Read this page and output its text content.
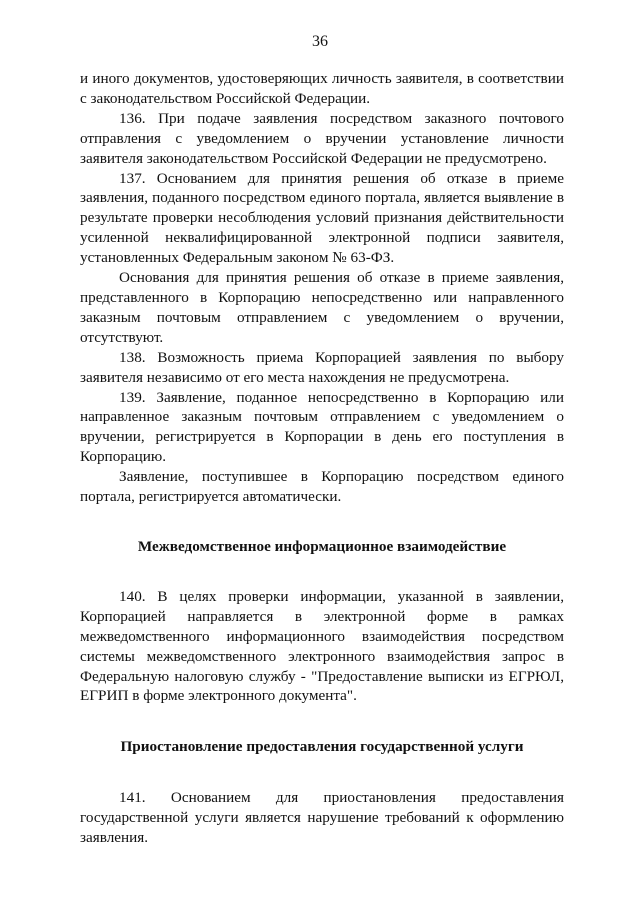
36

и иного документов, удостоверяющих личность заявителя, в соответствии с законодательством Российской Федерации.

136. При подаче заявления посредством заказного почтового отправления с уведомлением о вручении установление личности заявителя законодательством Российской Федерации не предусмотрено.

137. Основанием для принятия решения об отказе в приеме заявления, поданного посредством единого портала, является выявление в результате проверки несоблюдения условий признания действительности усиленной неквалифицированной электронной подписи заявителя, установленных Федеральным законом № 63-ФЗ.

Основания для принятия решения об отказе в приеме заявления, представленного в Корпорацию непосредственно или направленного заказным почтовым отправлением с уведомлением о вручении, отсутствуют.

138. Возможность приема Корпорацией заявления по выбору заявителя независимо от его места нахождения не предусмотрена.

139. Заявление, поданное непосредственно в Корпорацию или направленное заказным почтовым отправлением с уведомлением о вручении, регистрируется в Корпорации в день его поступления в Корпорацию.

Заявление, поступившее в Корпорацию посредством единого портала, регистрируется автоматически.

Межведомственное информационное взаимодействие

140. В целях проверки информации, указанной в заявлении, Корпорацией направляется в электронной форме в рамках межведомственного информационного взаимодействия посредством системы межведомственного электронного взаимодействия запрос в Федеральную налоговую службу - "Предоставление выписки из ЕГРЮЛ, ЕГРИП в форме электронного документа".

Приостановление предоставления государственной услуги

141. Основанием для приостановления предоставления государственной услуги является нарушение требований к оформлению заявления.
